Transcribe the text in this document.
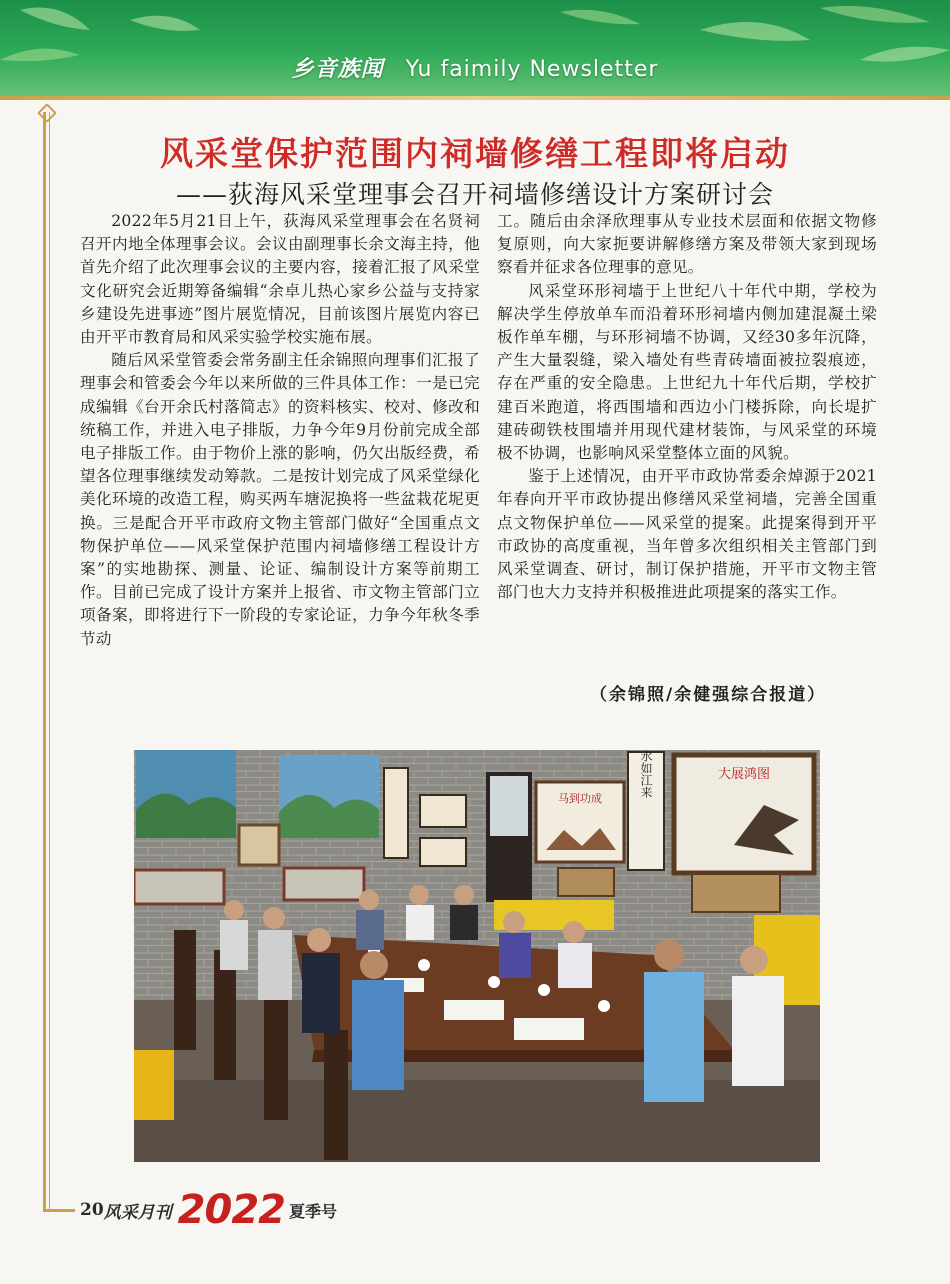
乡音族闻 Yu faimily Newsletter
风采堂保护范围内祠墙修缮工程即将启动
——荻海风采堂理事会召开祠墙修缮设计方案研讨会

2022年5月21日上午，荻海风采堂理事会在名贤祠召开内地全体理事会议。会议由副理事长余文海主持，他首先介绍了此次理事会议的主要内容，接着汇报了风采堂文化研究会近期筹备编辑“余卓儿热心家乡公益与支持家乡建设先进事迹”图片展览情况，目前该图片展览内容已由开平市教育局和风采实验学校实施布展。

随后风采堂管委会常务副主任余锦照向理事们汇报了理事会和管委会今年以来所做的三件具体工作：一是已完成编辑《台开余氏村落简志》的资料核实、校对、修改和统稿工作，并进入电子排版，力争今年9月份前完成全部电子排版工作。由于物价上涨的影响，仍欠出版经费，希望各位理事继续发动筹款。二是按计划完成了风采堂绿化美化环境的改造工程，购买两车塘泥换将一些盆栽花坭更换。三是配合开平市政府文物主管部门做好“全国重点文物保护单位——风采堂保护范围内祠墙修缮工程设计方案”的实地勘探、测量、论证、编制设计方案等前期工作。目前已完成了设计方案并上报省、市文物主管部门立项备案，即将进行下一阶段的专家论证，力争今年秋冬季节动

工。随后由余泽欣理事从专业技术层面和依据文物修复原则，向大家扼要讲解修缮方案及带领大家到现场察看并征求各位理事的意见。

风采堂环形祠墙于上世纪八十年代中期，学校为解决学生停放单车而沿着环形祠墙内侧加建混凝土梁板作单车棚，与环形祠墙不协调，又经30多年沉降，产生大量裂缝，梁入墙处有些青砖墙面被拉裂痕迹，存在严重的安全隐患。上世纪九十年代后期，学校扩建百米跑道，将西围墙和西边小门楼拆除，向长堤扩建砖砌铁枝围墙并用现代建材装饰，与风采堂的环境极不协调，也影响风采堂整体立面的风貌。

鉴于上述情况，由开平市政协常委余焯源于2021年春向开平市政协提出修缮风采堂祠墙，完善全国重点文物保护单位——风采堂的提案。此提案得到开平市政协的高度重视，当年曾多次组织相关主管部门到风采堂调查、研讨，制订保护措施，开平市文物主管部门也大力支持并积极推进此项提案的落实工作。

（余锦照/余健强综合报道）
马到功成
水如江来	大展鸿图
20 风采月刊 2022 夏季号
